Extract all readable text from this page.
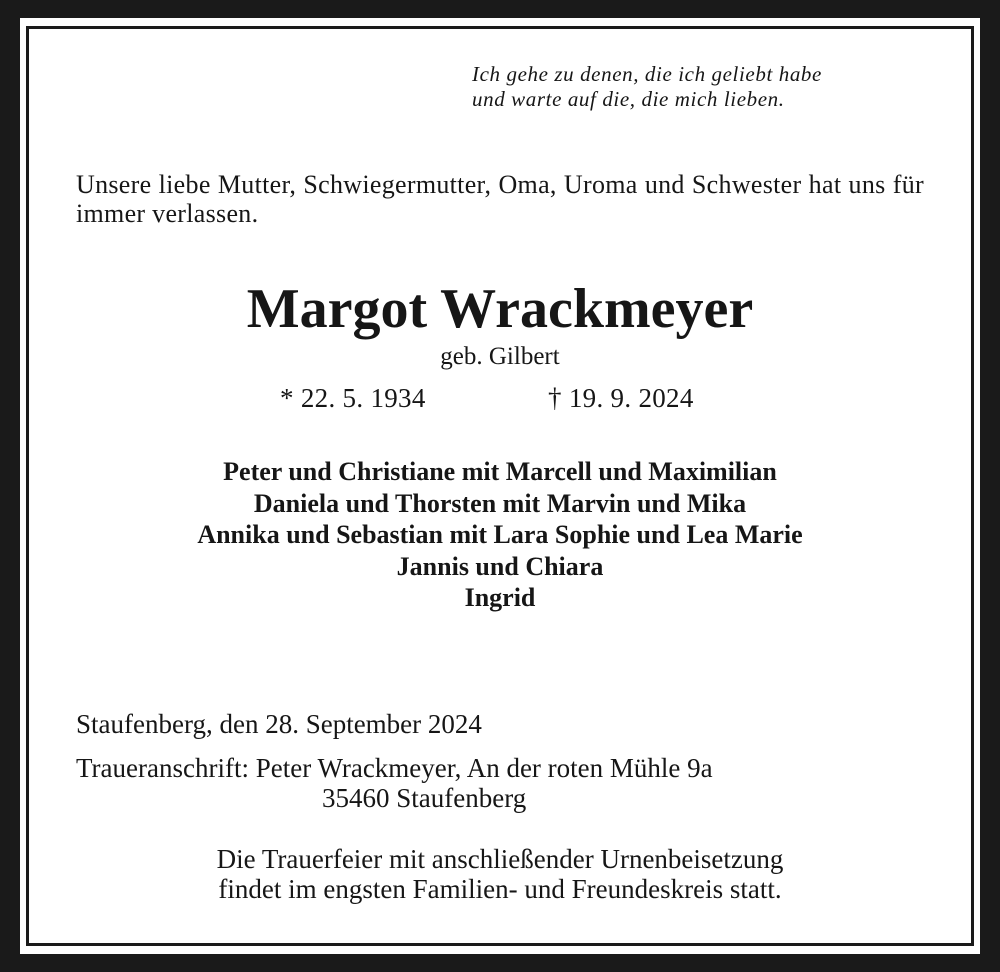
Ich gehe zu denen, die ich geliebt habe
und warte auf die, die mich lieben.
Unsere liebe Mutter, Schwiegermutter, Oma, Uroma und Schwester hat uns für immer verlassen.
Margot Wrackmeyer
geb. Gilbert
* 22. 5. 1934	† 19. 9. 2024
Peter und Christiane mit Marcell und Maximilian
Daniela und Thorsten mit Marvin und Mika
Annika und Sebastian mit Lara Sophie und Lea Marie
Jannis und Chiara
Ingrid
Staufenberg, den 28. September 2024
Traueranschrift: Peter Wrackmeyer, An der roten Mühle 9a
35460 Staufenberg
Die Trauerfeier mit anschließender Urnenbeisetzung
findet im engsten Familien- und Freundeskreis statt.
